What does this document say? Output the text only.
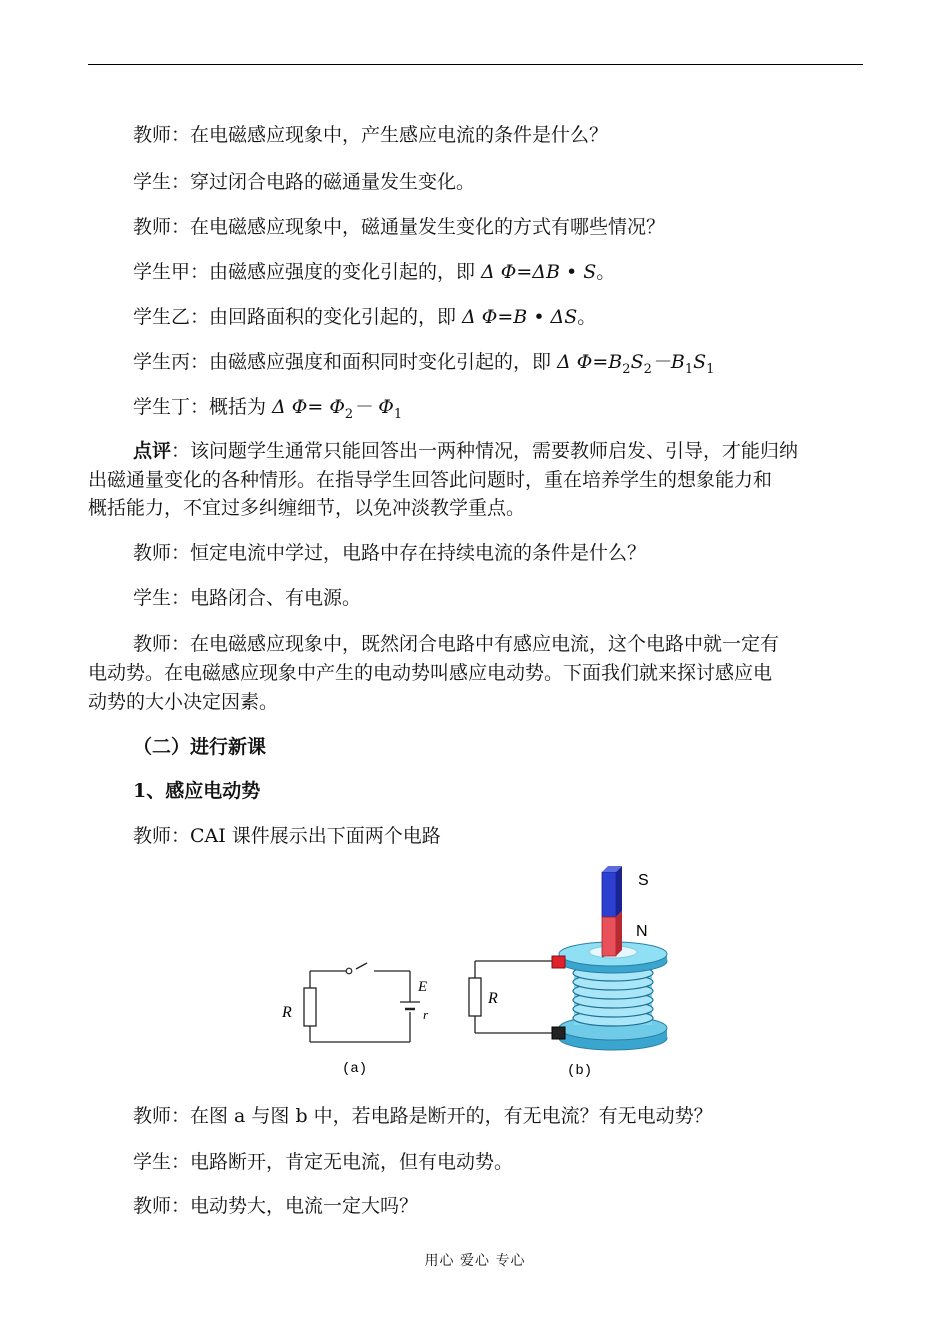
教师：在电磁感应现象中，产生感应电流的条件是什么？
学生：穿过闭合电路的磁通量发生变化。
教师：在电磁感应现象中，磁通量发生变化的方式有哪些情况？
学生甲：由磁感应强度的变化引起的，即 Δ Φ=ΔB • S。
学生乙：由回路面积的变化引起的，即 Δ Φ=B • ΔS。
学生丙：由磁感应强度和面积同时变化引起的，即 Δ $\Phi=B_2S_2-B_1S_1$
学生丁：概括为 Δ $\Phi= \Phi_2- \Phi_1$
点评：该问题学生通常只能回答出一两种情况，需要教师启发、引导，才能归纳
出磁通量变化的各种情形。在指导学生回答此问题时，重在培养学生的想象能力和
概括能力，不宜过多纠缠细节，以免冲淡教学重点。
教师：恒定电流中学过，电路中存在持续电流的条件是什么？
学生：电路闭合、有电源。
教师：在电磁感应现象中，既然闭合电路中有感应电流，这个电路中就一定有
电动势。在电磁感应现象中产生的电动势叫感应电动势。下面我们就来探讨感应电
动势的大小决定因素。
（二）进行新课
1、感应电动势
教师：CAI 课件展示出下面两个电路
R
E
r
(a)
R
S
N
(b)
教师：在图 a 与图 b 中，若电路是断开的，有无电流？有无电动势？
学生：电路断开，肯定无电流，但有电动势。
教师：电动势大，电流一定大吗？
用心 爱心 专心
